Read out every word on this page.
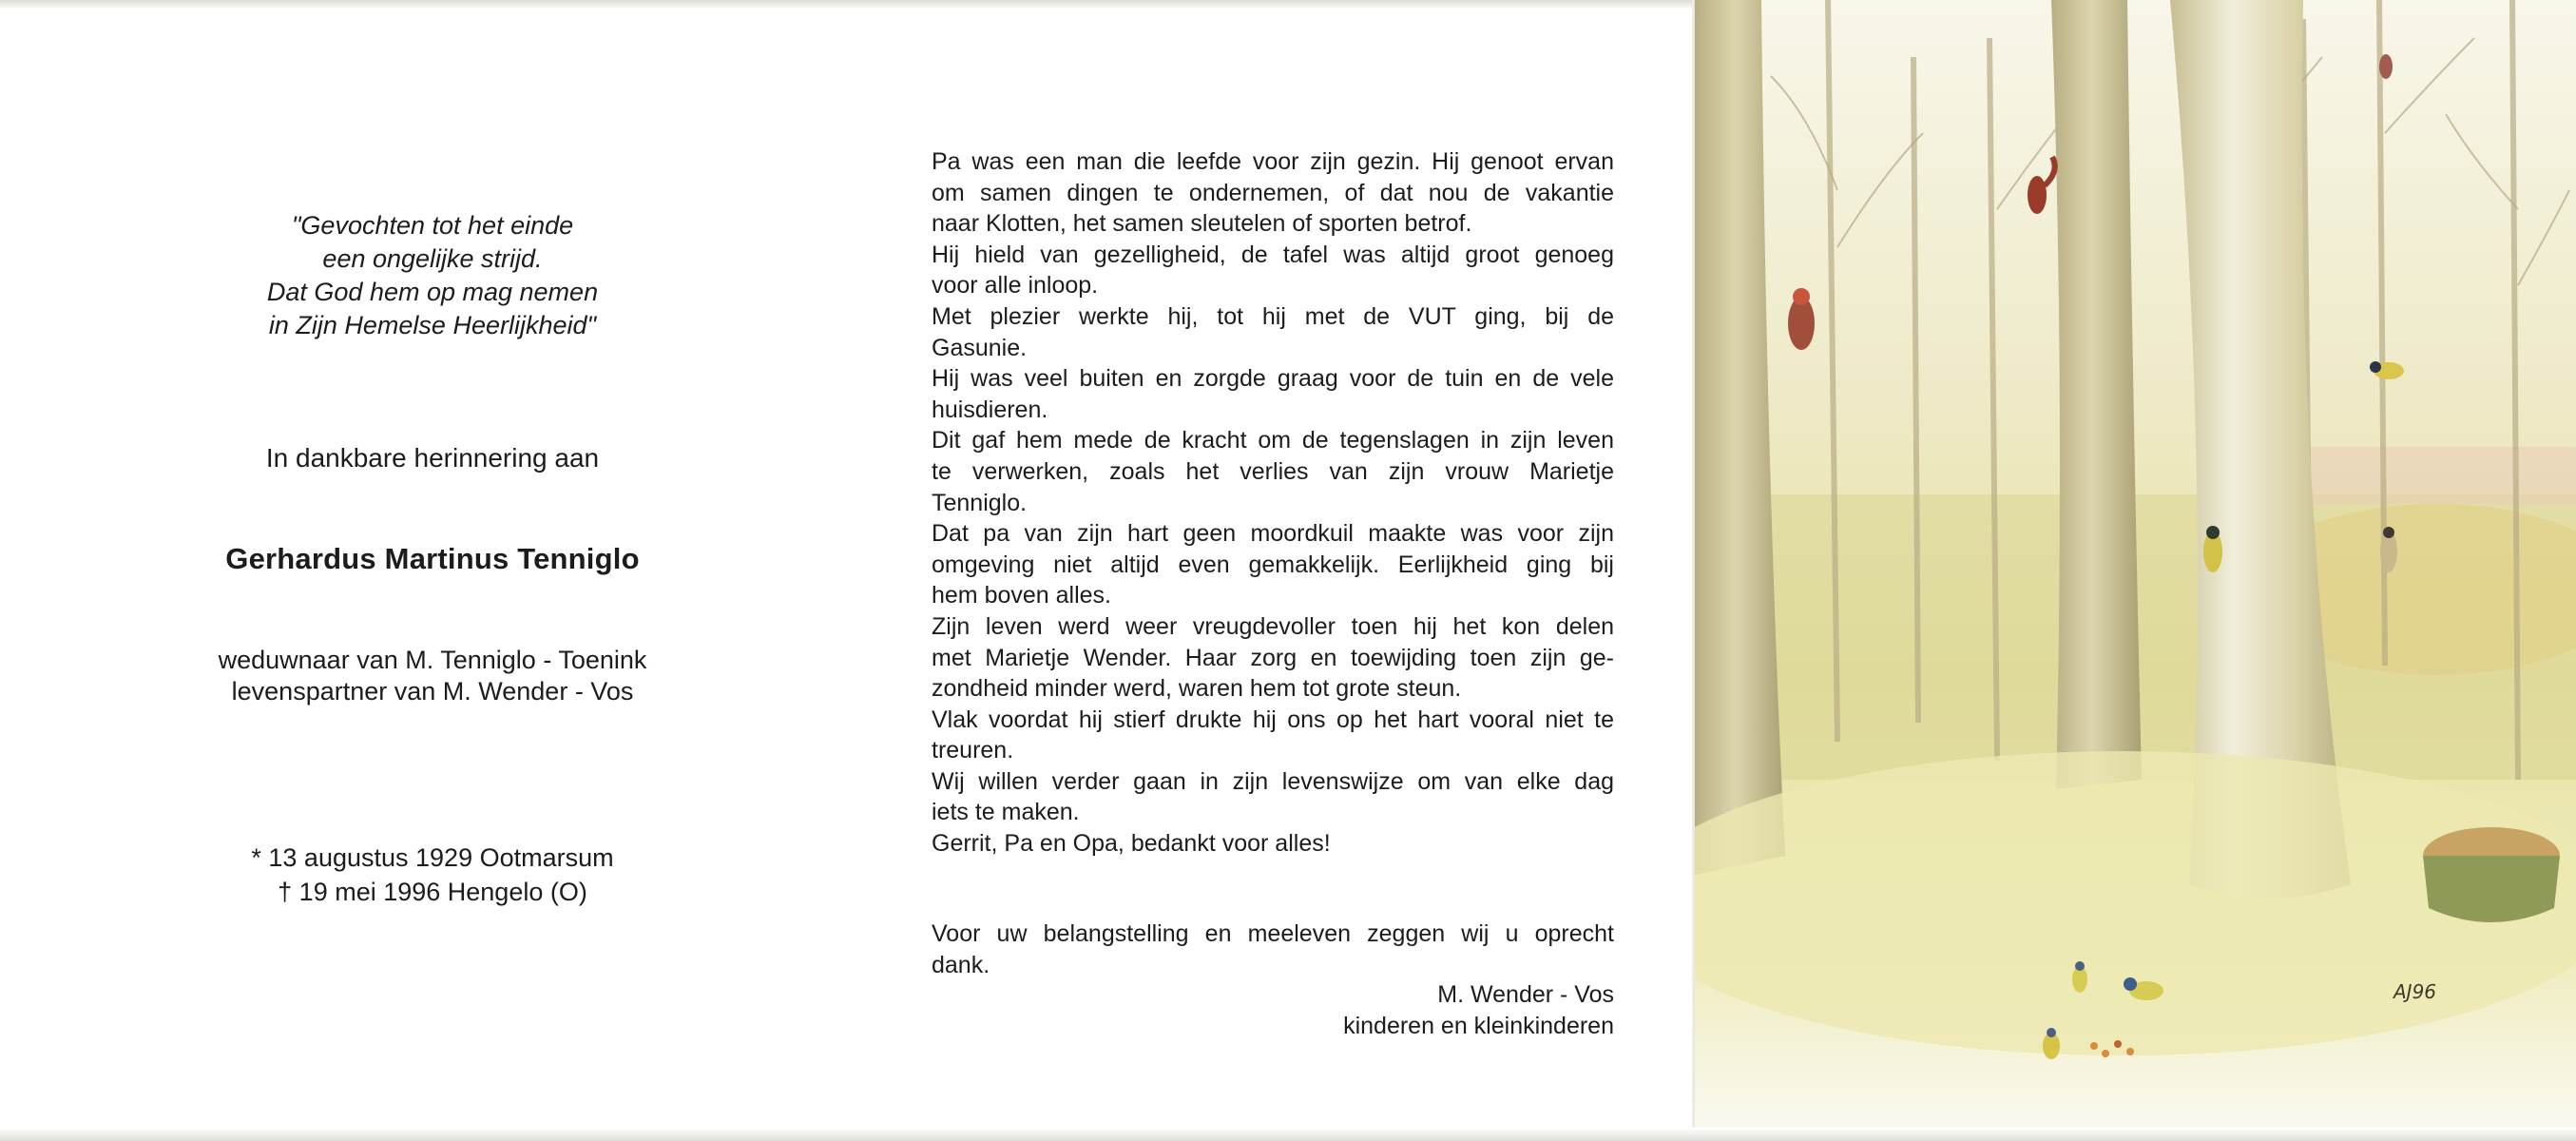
"Gevochten tot het einde
een ongelijke strijd.
Dat God hem op mag nemen
in Zijn Hemelse Heerlijkheid"
In dankbare herinnering aan
Gerhardus Martinus Tenniglo
weduwnaar van M. Tenniglo - Toenink
levenspartner van M. Wender - Vos
* 13 augustus 1929 Ootmarsum
† 19 mei 1996 Hengelo (O)
Pa was een man die leefde voor zijn gezin. Hij genoot ervan
om samen dingen te ondernemen, of dat nou de vakantie
naar Klotten, het samen sleutelen of sporten betrof.
Hij hield van gezelligheid, de tafel was altijd groot genoeg
voor alle inloop.
Met plezier werkte hij, tot hij met de VUT ging, bij de
Gasunie.
Hij was veel buiten en zorgde graag voor de tuin en de vele
huisdieren.
Dit gaf hem mede de kracht om de tegenslagen in zijn leven
te verwerken, zoals het verlies van zijn vrouw Marietje
Tenniglo.
Dat pa van zijn hart geen moordkuil maakte was voor zijn
omgeving niet altijd even gemakkelijk. Eerlijkheid ging bij
hem boven alles.
Zijn leven werd weer vreugdevoller toen hij het kon delen
met Marietje Wender. Haar zorg en toewijding toen zijn ge-
zondheid minder werd, waren hem tot grote steun.
Vlak voordat hij stierf drukte hij ons op het hart vooral niet te
treuren.
Wij willen verder gaan in zijn levenswijze om van elke dag
iets te maken.
Gerrit, Pa en Opa, bedankt voor alles!
Voor uw belangstelling en meeleven zeggen wij u oprecht
dank.
M. Wender - Vos
kinderen en kleinkinderen
AJ96
